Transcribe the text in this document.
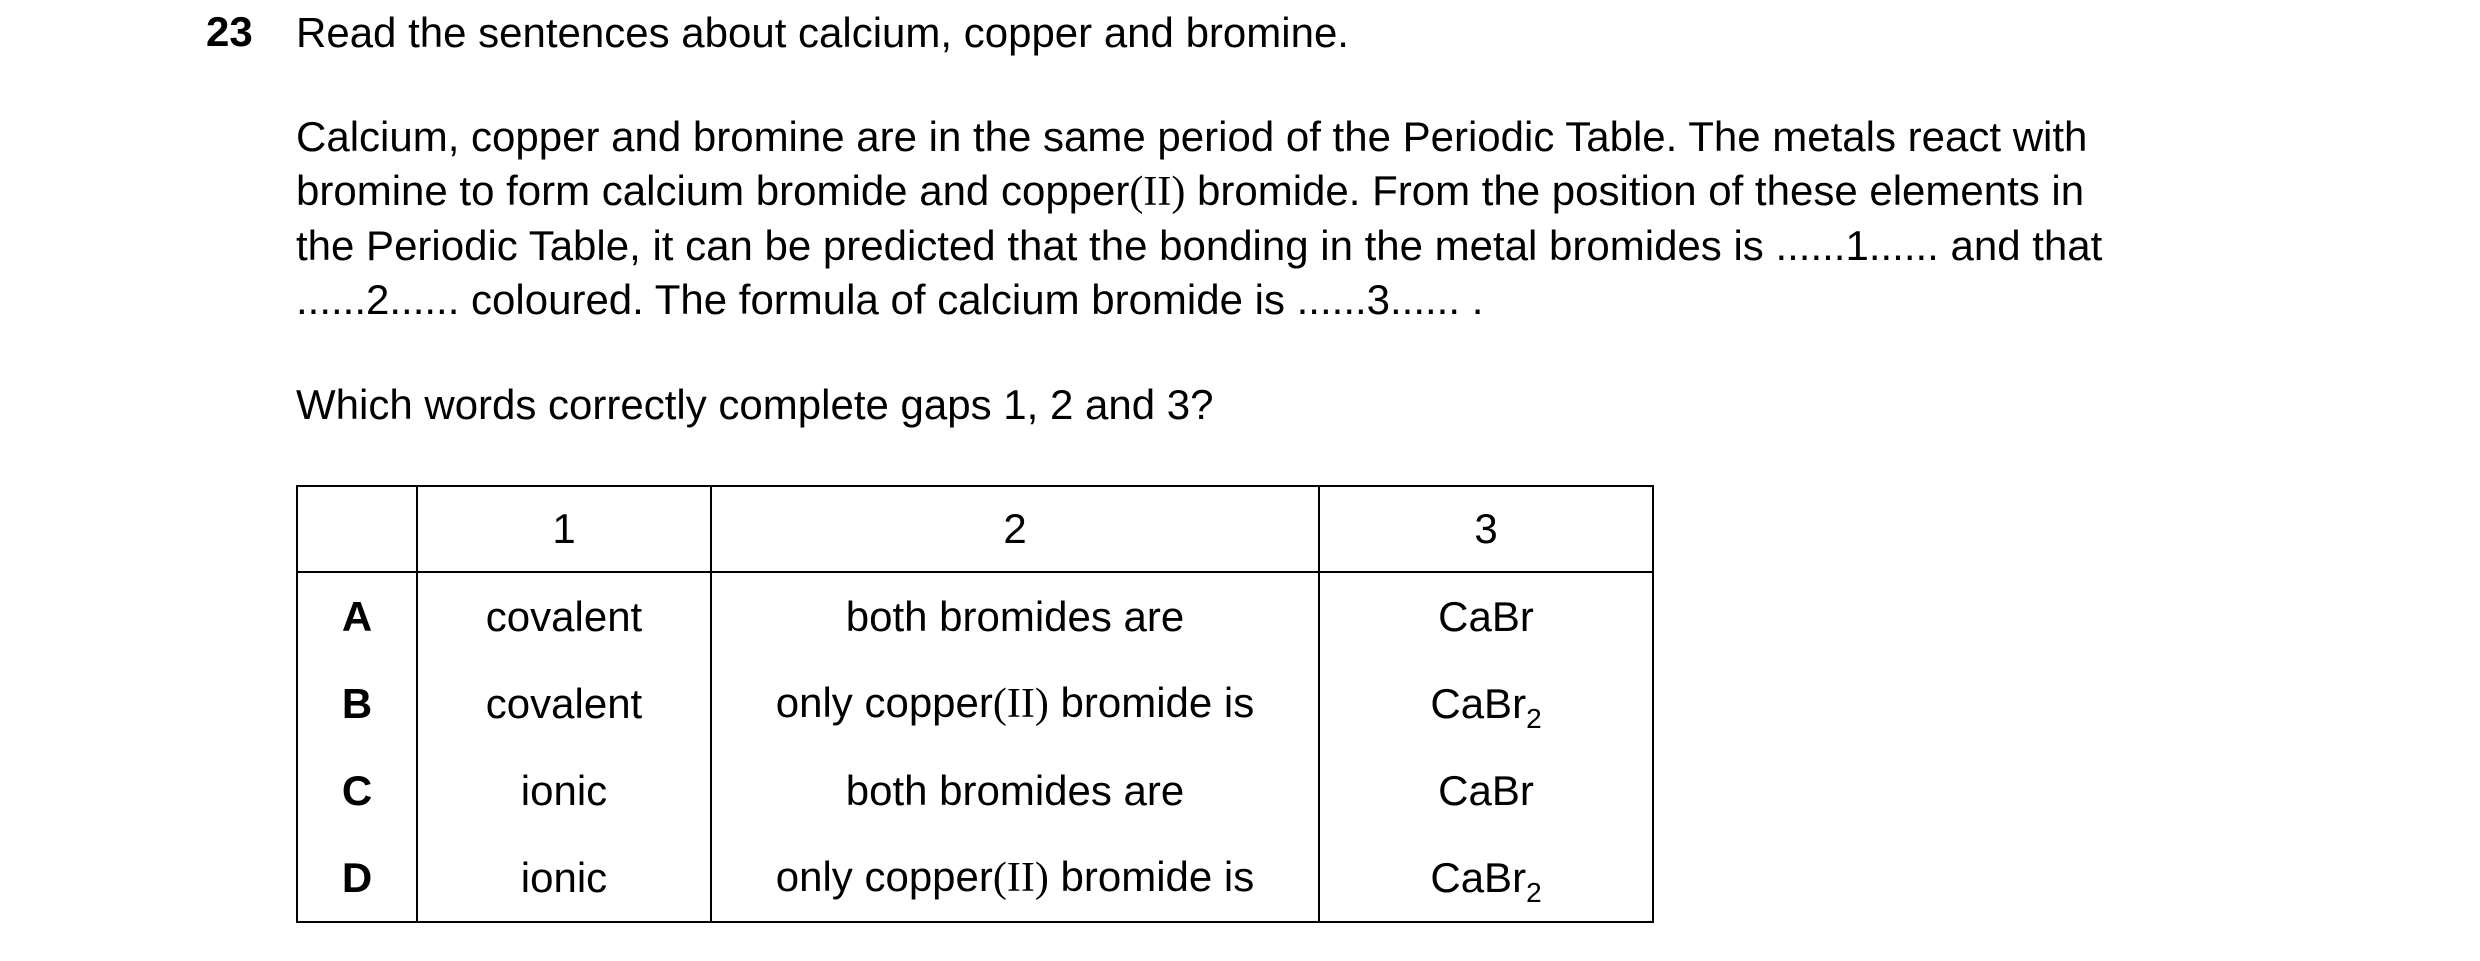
23 Read the sentences about calcium, copper and bromine.

Calcium, copper and bromine are in the same period of the Periodic Table. The metals react with

bromine to form calcium bromide and copper(II) bromide. From the position of these elements in

the Periodic Table, it can be predicted that the bonding in the metal bromides is ......1...... and that

......2...... coloured. The formula of calcium bromide is ......3...... .

Which words correctly complete gaps 1, 2 and 3?
	1	2	3
A	covalent	both bromides are	CaBr
B	covalent	only copper(II) bromide is	CaBr$_2$
C	ionic	both bromides are	CaBr
D	ionic	only copper(II) bromide is	CaBr$_2$
